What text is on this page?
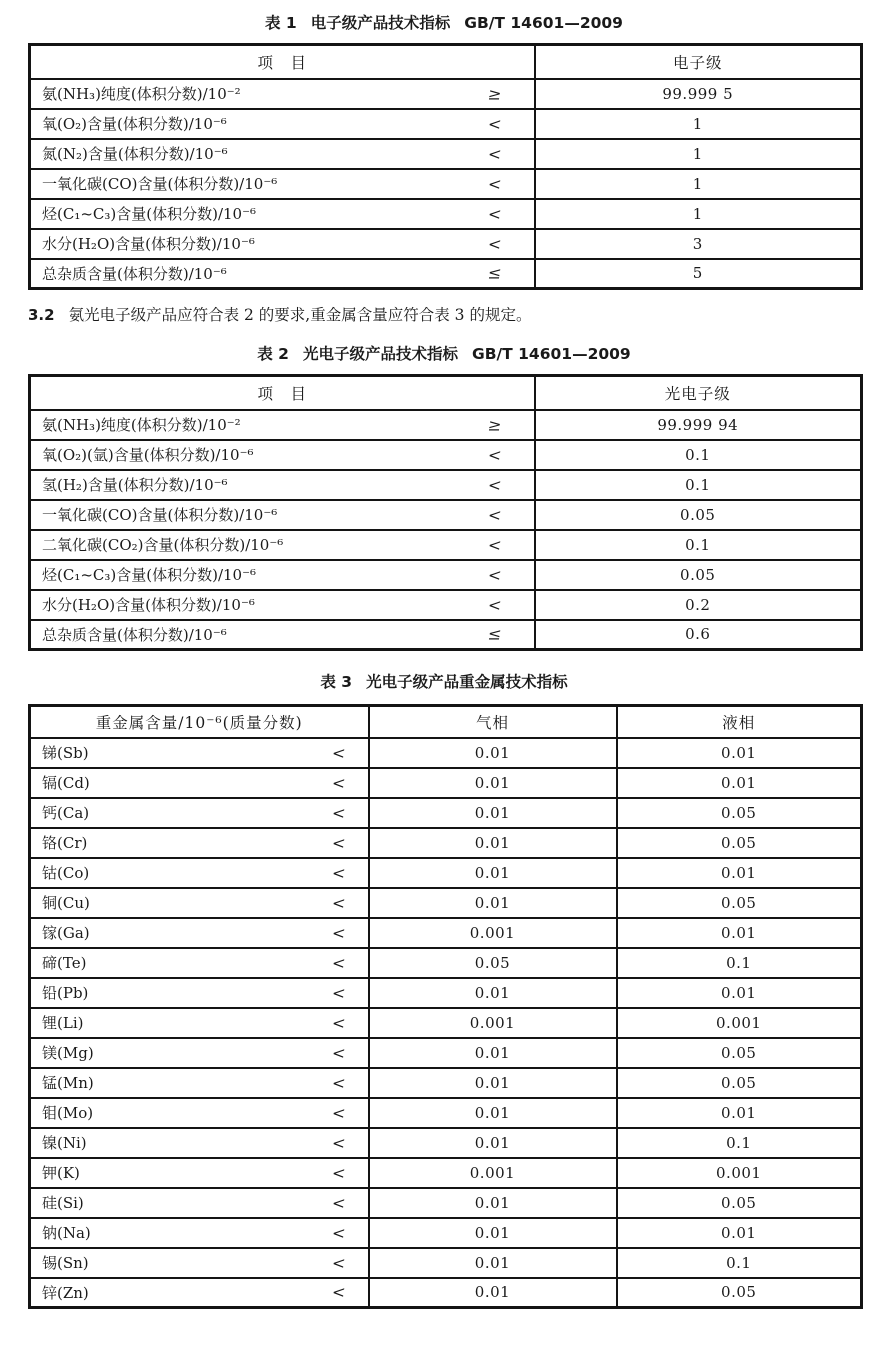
表 1 电子级产品技术指标 GB/T 14601—2009
项　目	电子级
氨(NH₃)纯度(体积分数)/10⁻² ≥	99.999 5
氧(O₂)含量(体积分数)/10⁻⁶ <	1
氮(N₂)含量(体积分数)/10⁻⁶ <	1
一氧化碳(CO)含量(体积分数)/10⁻⁶ <	1
烃(C₁~C₃)含量(体积分数)/10⁻⁶ <	1
水分(H₂O)含量(体积分数)/10⁻⁶ <	3
总杂质含量(体积分数)/10⁻⁶ ≤	5
3.2 氨光电子级产品应符合表 2 的要求,重金属含量应符合表 3 的规定。
表 2 光电子级产品技术指标 GB/T 14601—2009
项　目	光电子级
氨(NH₃)纯度(体积分数)/10⁻² ≥	99.999 94
氧(O₂)(氩)含量(体积分数)/10⁻⁶ <	0.1
氢(H₂)含量(体积分数)/10⁻⁶ <	0.1
一氧化碳(CO)含量(体积分数)/10⁻⁶ <	0.05
二氧化碳(CO₂)含量(体积分数)/10⁻⁶ <	0.1
烃(C₁~C₃)含量(体积分数)/10⁻⁶ <	0.05
水分(H₂O)含量(体积分数)/10⁻⁶ <	0.2
总杂质含量(体积分数)/10⁻⁶ ≤	0.6
表 3 光电子级产品重金属技术指标
重金属含量/10⁻⁶(质量分数)	气相	液相
锑(Sb) <	0.01	0.01
镉(Cd) <	0.01	0.01
钙(Ca) <	0.01	0.05
铬(Cr) <	0.01	0.05
钴(Co) <	0.01	0.01
铜(Cu) <	0.01	0.05
镓(Ga) <	0.001	0.01
碲(Te) <	0.05	0.1
铅(Pb) <	0.01	0.01
锂(Li) <	0.001	0.001
镁(Mg) <	0.01	0.05
锰(Mn) <	0.01	0.05
钼(Mo) <	0.01	0.01
镍(Ni) <	0.01	0.1
钾(K) <	0.001	0.001
硅(Si) <	0.01	0.05
钠(Na) <	0.01	0.01
锡(Sn) <	0.01	0.1
锌(Zn) <	0.01	0.05
